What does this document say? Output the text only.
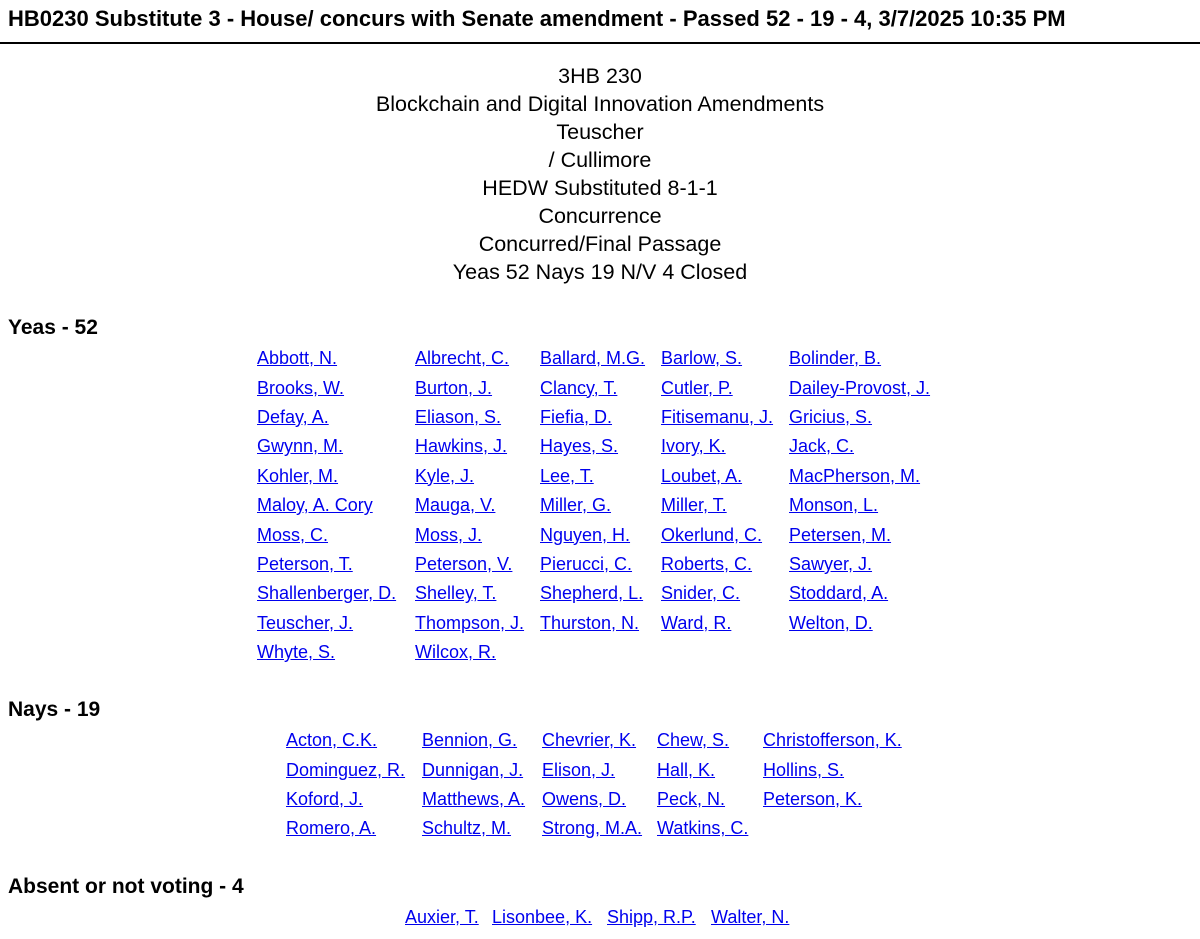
HB0230 Substitute 3 - House/ concurs with Senate amendment - Passed 52 - 19 - 4, 3/7/2025 10:35 PM
3HB 230
Blockchain and Digital Innovation Amendments
Teuscher
/ Cullimore
HEDW Substituted 8-1-1
Concurrence
Concurred/Final Passage
Yeas 52 Nays 19 N/V 4 Closed
Yeas - 52
Abbott, N.	Albrecht, C.	Ballard, M.G.	Barlow, S.	Bolinder, B.
Brooks, W.	Burton, J.	Clancy, T.	Cutler, P.	Dailey-Provost, J.
Defay, A.	Eliason, S.	Fiefia, D.	Fitisemanu, J.	Gricius, S.
Gwynn, M.	Hawkins, J.	Hayes, S.	Ivory, K.	Jack, C.
Kohler, M.	Kyle, J.	Lee, T.	Loubet, A.	MacPherson, M.
Maloy, A. Cory	Mauga, V.	Miller, G.	Miller, T.	Monson, L.
Moss, C.	Moss, J.	Nguyen, H.	Okerlund, C.	Petersen, M.
Peterson, T.	Peterson, V.	Pierucci, C.	Roberts, C.	Sawyer, J.
Shallenberger, D.	Shelley, T.	Shepherd, L.	Snider, C.	Stoddard, A.
Teuscher, J.	Thompson, J.	Thurston, N.	Ward, R.	Welton, D.
Whyte, S.	Wilcox, R.			
Nays - 19
Acton, C.K.	Bennion, G.	Chevrier, K.	Chew, S.	Christofferson, K.
Dominguez, R.	Dunnigan, J.	Elison, J.	Hall, K.	Hollins, S.
Koford, J.	Matthews, A.	Owens, D.	Peck, N.	Peterson, K.
Romero, A.	Schultz, M.	Strong, M.A.	Watkins, C.	
Absent or not voting - 4
Auxier, T.	Lisonbee, K.	Shipp, R.P.	Walter, N.
